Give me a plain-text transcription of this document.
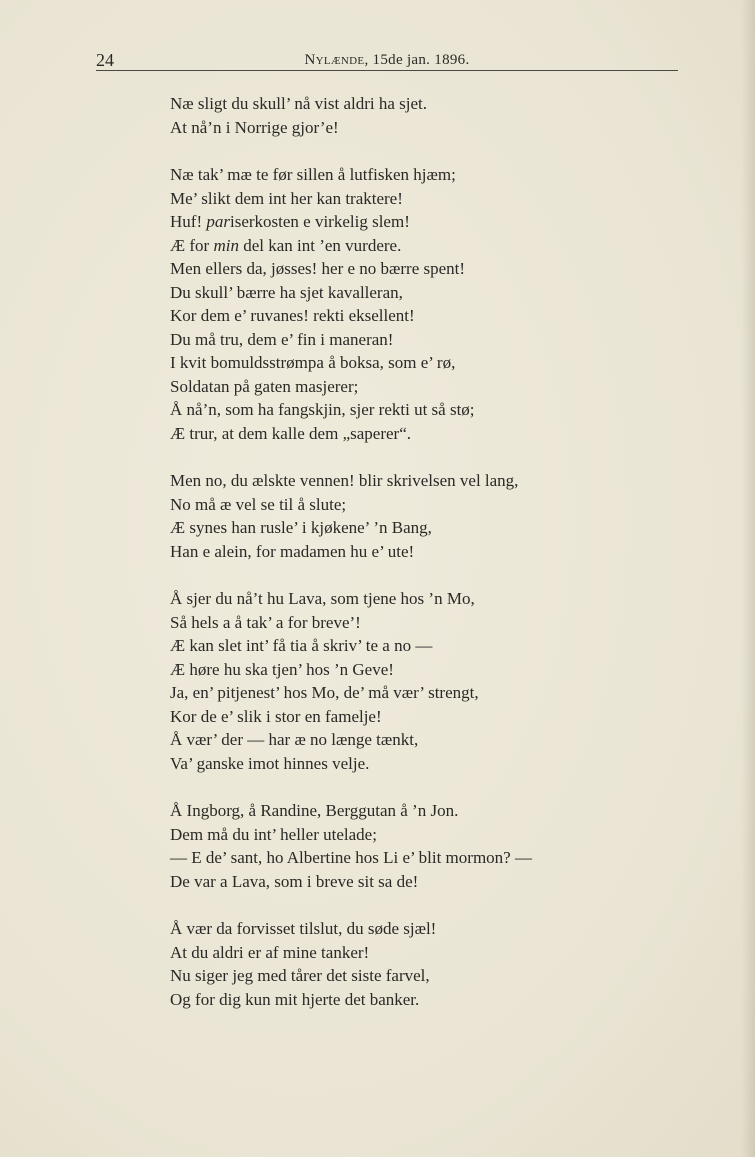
24	Nylænde, 15de jan. 1896.
Næ sligt du skull’ nå vist aldri ha sjet.
At nå’n i Norrige gjor’e!
Næ tak’ mæ te før sillen å lutfisken hjæm;
Me’ slikt dem int her kan traktere!
Huf! pariserkosten e virkelig slem!
Æ for min del kan int ’en vurdere.
Men ellers da, jøsses! her e no bærre spent!
Du skull’ bærre ha sjet kavalleran,
Kor dem e’ ruvanes! rekti eksellent!
Du må tru, dem e’ fin i maneran!
I kvit bomuldsstrømpa å boksa, som e’ rø,
Soldatan på gaten masjerer;
Å nå’n, som ha fangskjin, sjer rekti ut så stø;
Æ trur, at dem kalle dem „saperer“.
Men no, du ælskte vennen! blir skrivelsen vel lang,
No må æ vel se til å slute;
Æ synes han rusle’ i kjøkene’ ’n Bang,
Han e alein, for madamen hu e’ ute!
Å sjer du nå’t hu Lava, som tjene hos ’n Mo,
Så hels a å tak’ a for breve’!
Æ kan slet int’ få tia å skriv’ te a no —
Æ høre hu ska tjen’ hos ’n Geve!
Ja, en’ pitjenest’ hos Mo, de’ må vær’ strengt,
Kor de e’ slik i stor en famelje!
Å vær’ der — har æ no længe tænkt,
Va’ ganske imot hinnes velje.
Å Ingborg, å Randine, Berggutan å ’n Jon.
Dem må du int’ heller utelade;
— E de’ sant, ho Albertine hos Li e’ blit mormon? —
De var a Lava, som i breve sit sa de!
Å vær da forvisset tilslut, du søde sjæl!
At du aldri er af mine tanker!
Nu siger jeg med tårer det siste farvel,
Og for dig kun mit hjerte det banker.
